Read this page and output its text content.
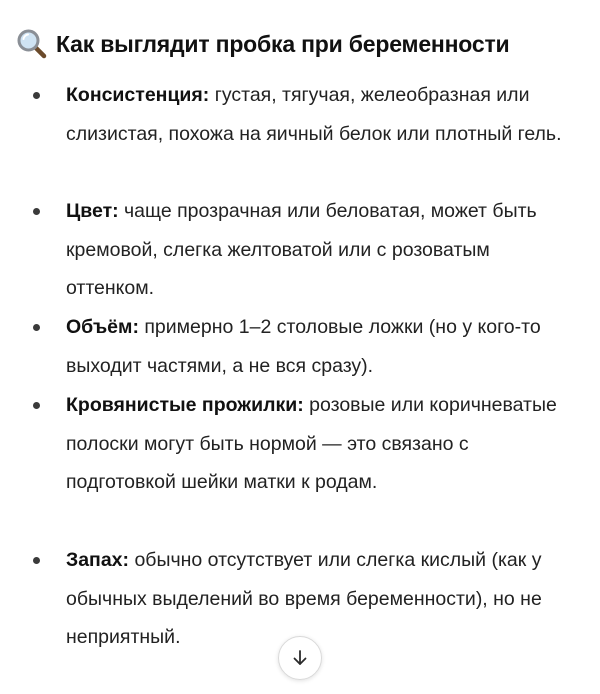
Как выглядит пробка при беременности
Консистенция: густая, тягучая, желеобразная или слизистая, похожа на яичный белок или плотный гель.
Цвет: чаще прозрачная или беловатая, может быть кремовой, слегка желтоватой или с розоватым оттенком.
Объём: примерно 1–2 столовые ложки (но у кого-то выходит частями, а не вся сразу).
Кровянистые прожилки: розовые или коричневатые полоски могут быть нормой — это связано с подготовкой шейки матки к родам.
Запах: обычно отсутствует или слегка кислый (как у обычных выделений во время беременности), но не неприятный.
